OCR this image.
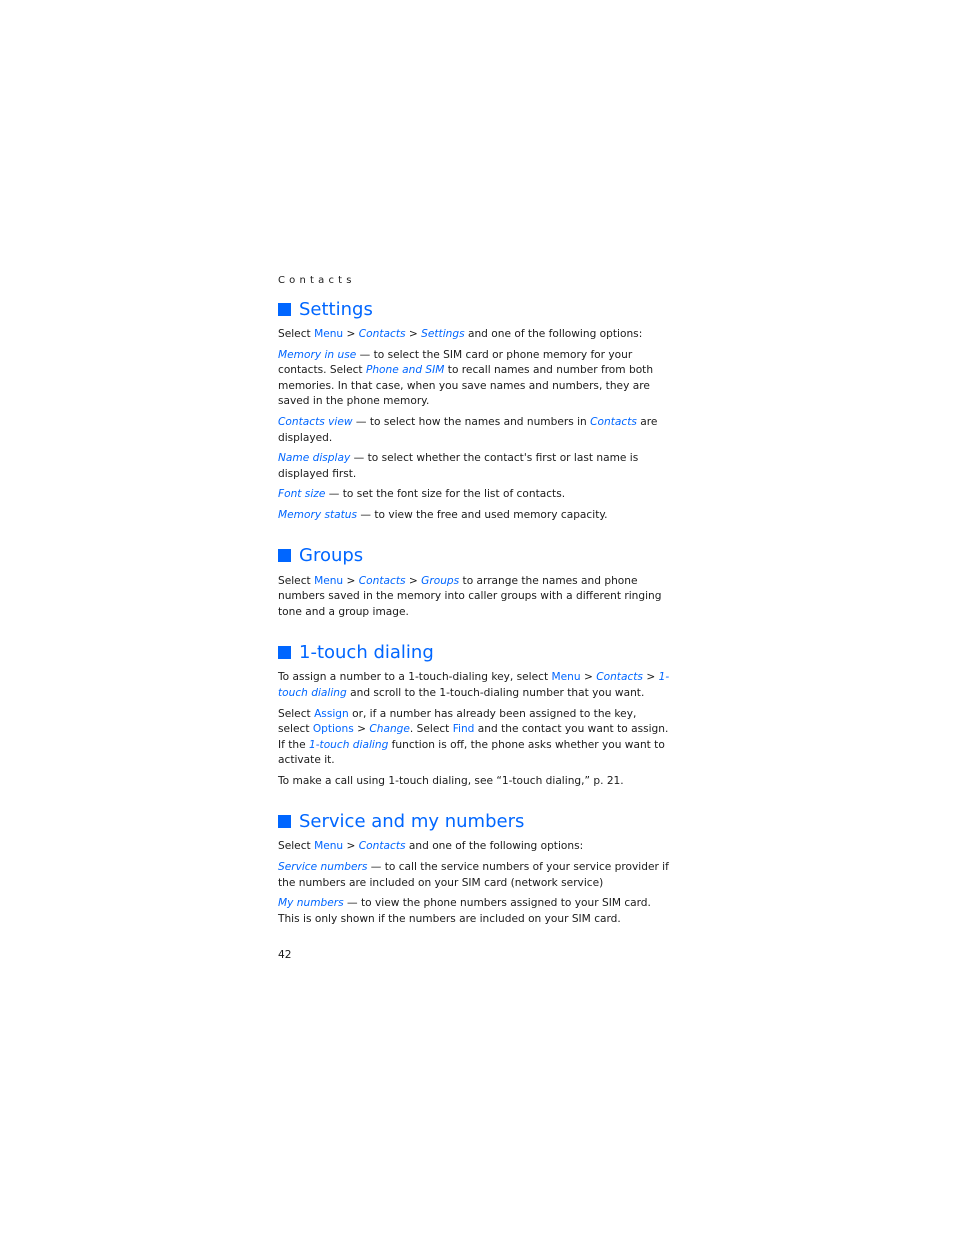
Contacts
Settings

Select Menu > Contacts > Settings and one of the following options:

Memory in use — to select the SIM card or phone memory for your contacts. Select Phone and SIM to recall names and number from both memories. In that case, when you save names and numbers, they are saved in the phone memory.

Contacts view — to select how the names and numbers in Contacts are displayed.

Name display — to select whether the contact's first or last name is displayed first.

Font size — to set the font size for the list of contacts.

Memory status — to view the free and used memory capacity.

Groups

Select Menu > Contacts > Groups to arrange the names and phone numbers saved in the memory into caller groups with a different ringing tone and a group image.

1-touch dialing

To assign a number to a 1-touch-dialing key, select Menu > Contacts > 1-touch dialing and scroll to the 1-touch-dialing number that you want.

Select Assign or, if a number has already been assigned to the key, select Options > Change. Select Find and the contact you want to assign. If the 1-touch dialing function is off, the phone asks whether you want to activate it.

To make a call using 1-touch dialing, see “1-touch dialing,” p. 21.

Service and my numbers

Select Menu > Contacts and one of the following options:

Service numbers — to call the service numbers of your service provider if the numbers are included on your SIM card (network service)

My numbers — to view the phone numbers assigned to your SIM card. This is only shown if the numbers are included on your SIM card.

42
